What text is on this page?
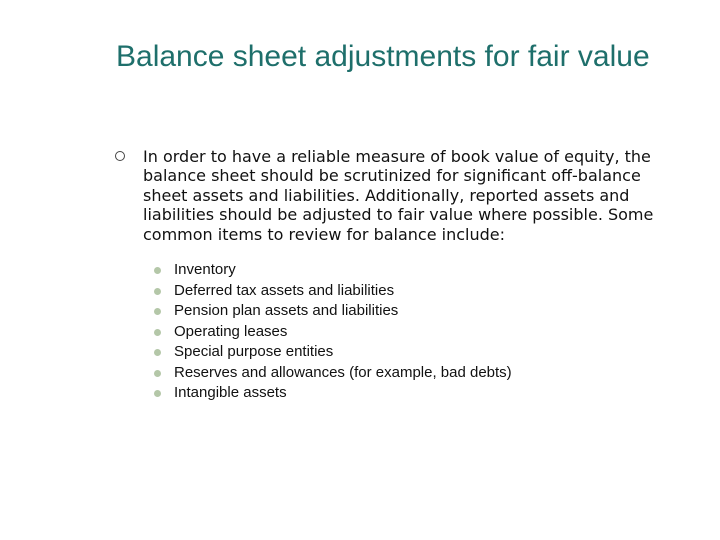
Balance sheet adjustments for fair value
In order to have a reliable measure of book value of equity, the balance sheet should be scrutinized for significant off-balance sheet assets and liabilities. Additionally, reported assets and liabilities should be adjusted to fair value where possible. Some common items to review for balance include:
Inventory
Deferred tax assets and liabilities
Pension plan assets and liabilities
Operating leases
Special purpose entities
Reserves and allowances (for example, bad debts)
Intangible assets
